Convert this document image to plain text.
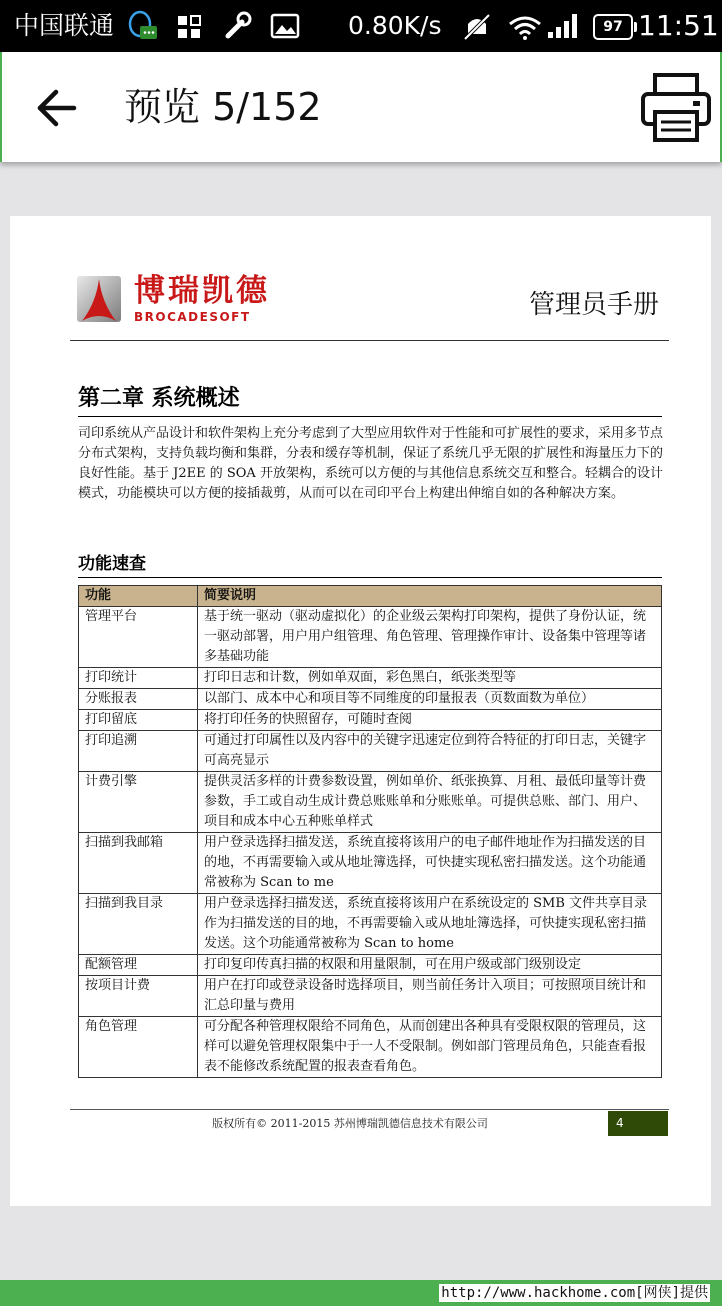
中国联通	0.80K/s	97 11:51
预览 5/152
博瑞凯德
BROCADESOFT	管理员手册
第二章 系统概述
司印系统从产品设计和软件架构上充分考虑到了大型应用软件对于性能和可扩展性的要求，采用多节点分布式架构，支持负载均衡和集群，分表和缓存等机制，保证了系统几乎无限的扩展性和海量压力下的良好性能。基于 J2EE 的 SOA 开放架构，系统可以方便的与其他信息系统交互和整合。轻耦合的设计模式，功能模块可以方便的接插裁剪，从而可以在司印平台上构建出伸缩自如的各种解决方案。
功能速查
功能	简要说明
管理平台	基于统一驱动（驱动虚拟化）的企业级云架构打印架构，提供了身份认证，统一驱动部署，用户用户组管理、角色管理、管理操作审计、设备集中管理等诸多基础功能
打印统计	打印日志和计数，例如单双面，彩色黑白，纸张类型等
分账报表	以部门、成本中心和项目等不同维度的印量报表（页数面数为单位）
打印留底	将打印任务的快照留存，可随时查阅
打印追溯	可通过打印属性以及内容中的关键字迅速定位到符合特征的打印日志，关键字可高亮显示
计费引擎	提供灵活多样的计费参数设置，例如单价、纸张换算、月租、最低印量等计费参数，手工或自动生成计费总账账单和分账账单。可提供总账、部门、用户、项目和成本中心五种账单样式
扫描到我邮箱	用户登录选择扫描发送，系统直接将该用户的电子邮件地址作为扫描发送的目的地，不再需要输入或从地址簿选择，可快捷实现私密扫描发送。这个功能通常被称为 Scan to me
扫描到我目录	用户登录选择扫描发送，系统直接将该用户在系统设定的 SMB 文件共享目录作为扫描发送的目的地，不再需要输入或从地址簿选择，可快捷实现私密扫描发送。这个功能通常被称为 Scan to home
配额管理	打印复印传真扫描的权限和用量限制，可在用户级或部门级别设定
按项目计费	用户在打印或登录设备时选择项目，则当前任务计入项目；可按照项目统计和汇总印量与费用
角色管理	可分配各种管理权限给不同角色，从而创建出各种具有受限权限的管理员，这样可以避免管理权限集中于一人不受限制。例如部门管理员角色，只能查看报表不能修改系统配置的报表查看角色。
版权所有© 2011-2015 苏州博瑞凯德信息技术有限公司	4
http://www.hackhome.com[网侠]提供
